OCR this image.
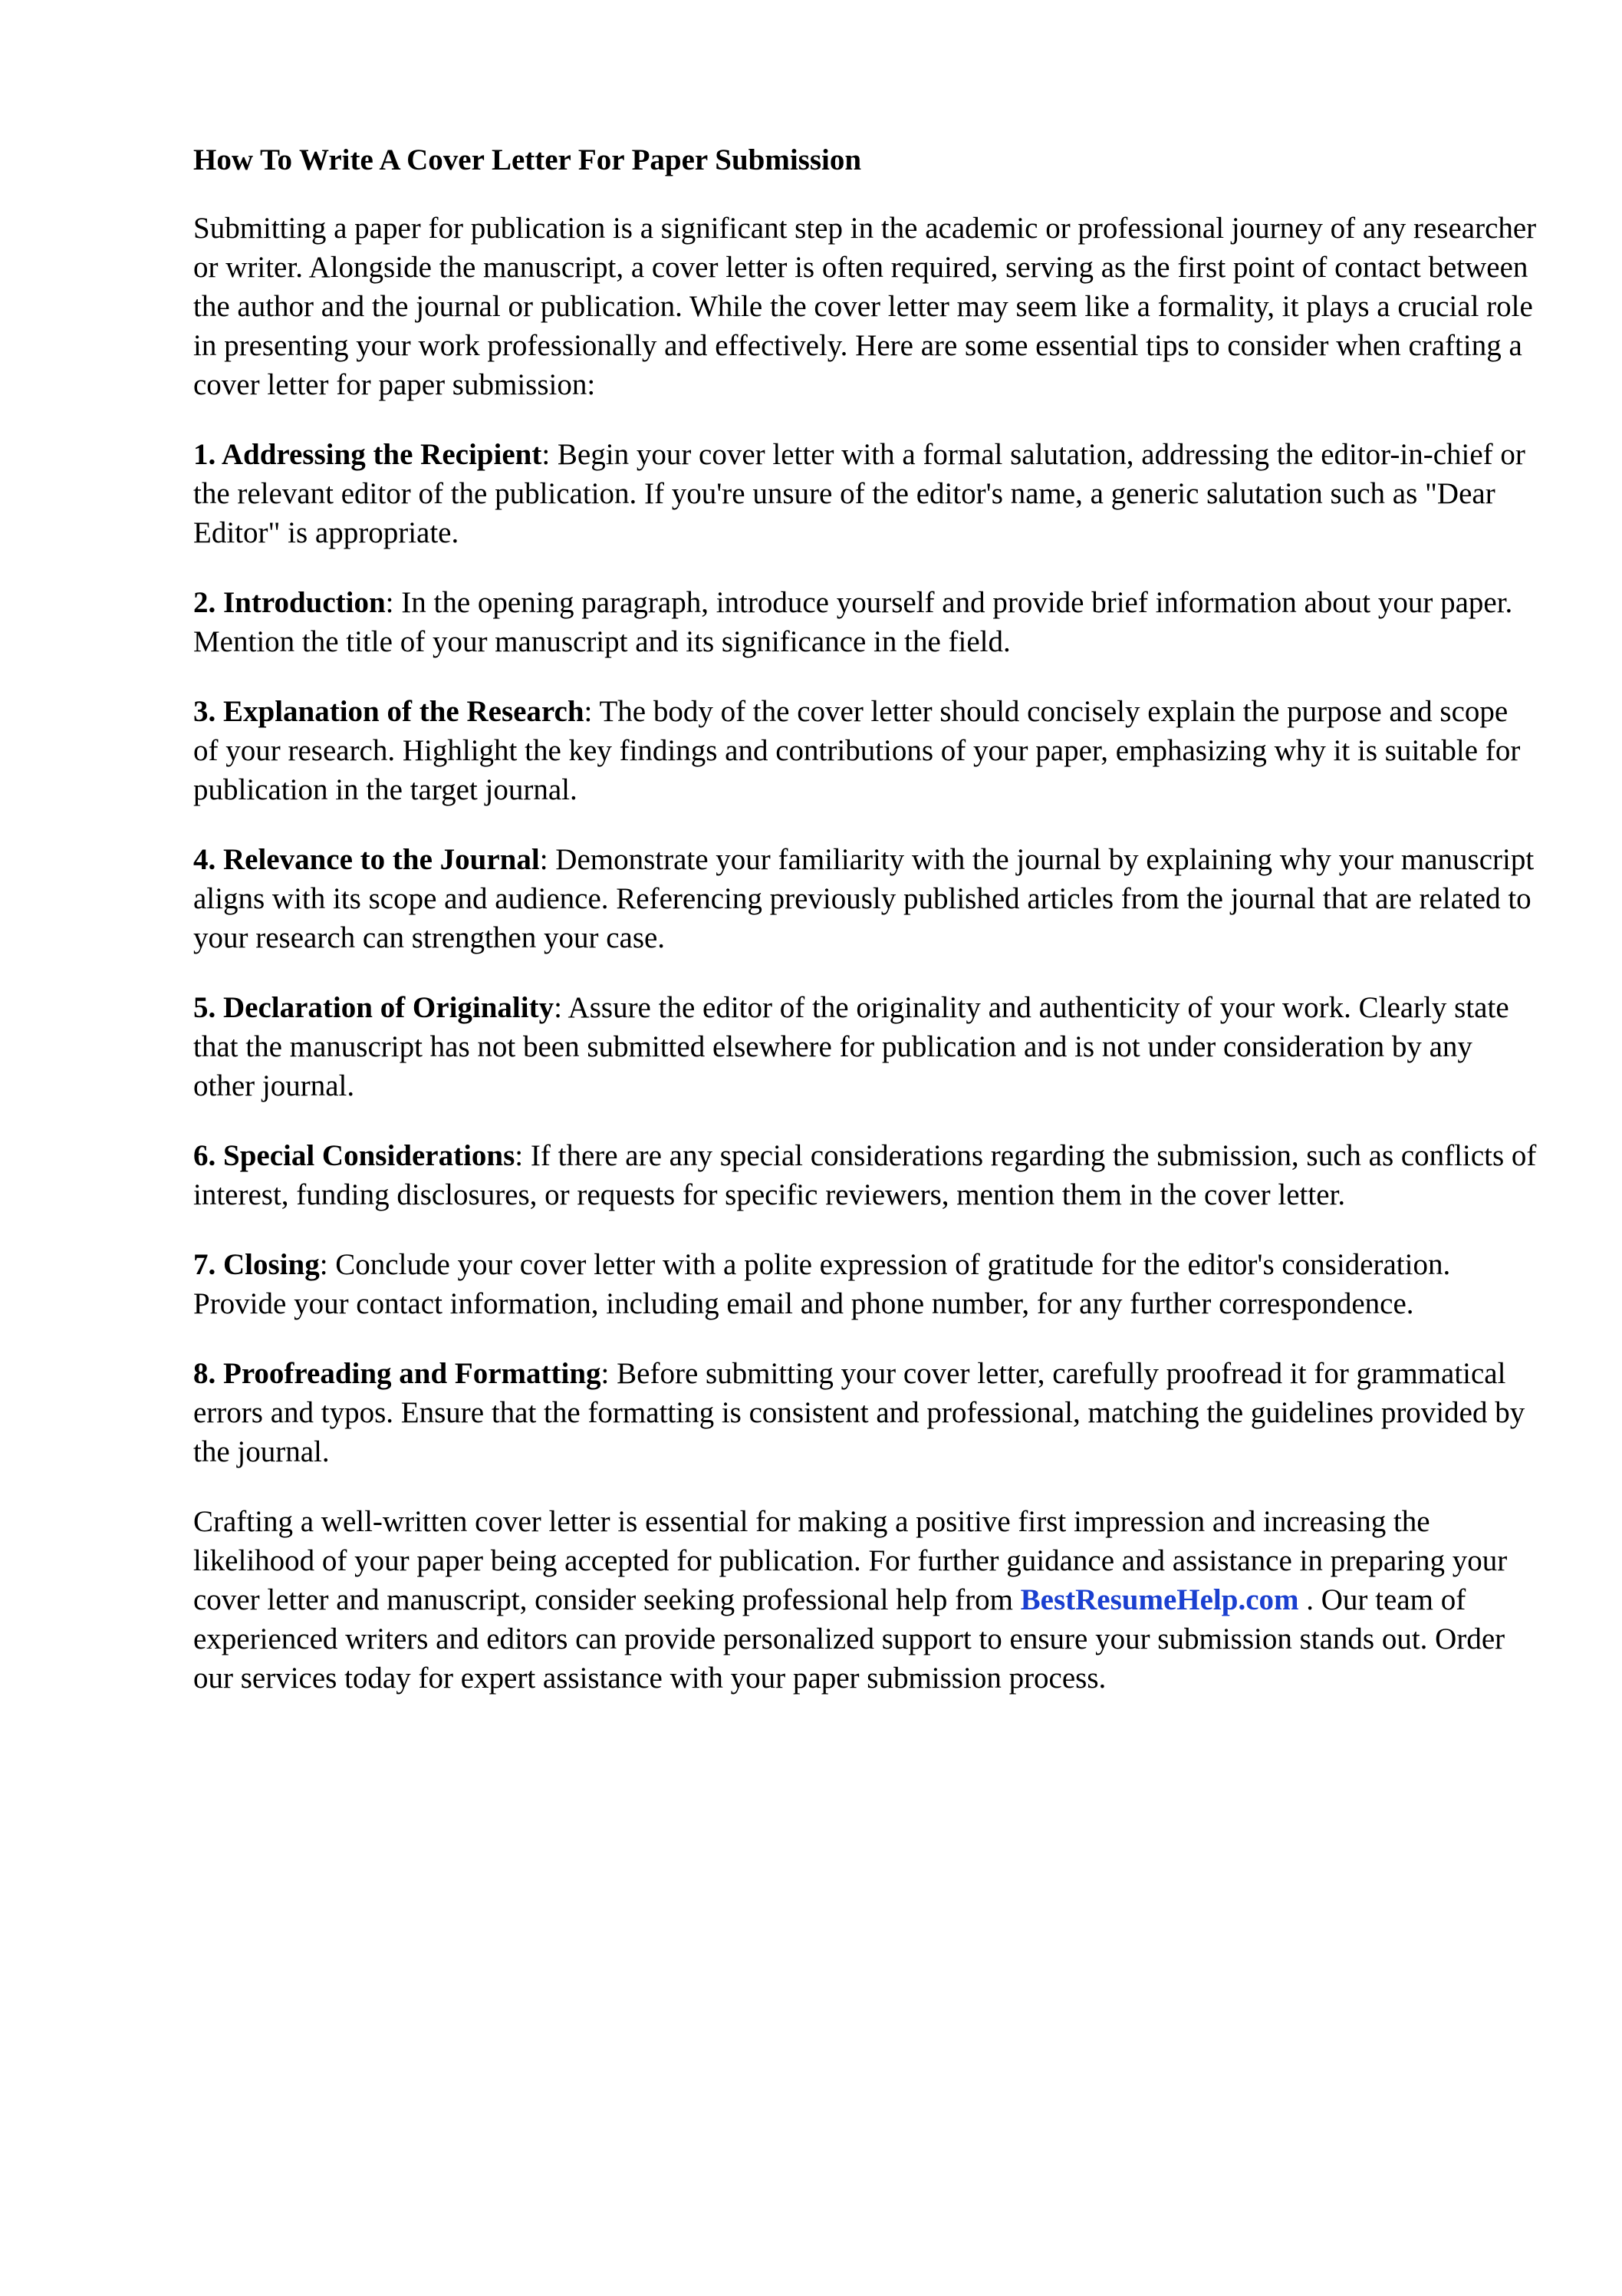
How To Write A Cover Letter For Paper Submission

Submitting a paper for publication is a significant step in the academic or professional journey of any researcher or writer. Alongside the manuscript, a cover letter is often required, serving as the first point of contact between the author and the journal or publication. While the cover letter may seem like a formality, it plays a crucial role in presenting your work professionally and effectively. Here are some essential tips to consider when crafting a cover letter for paper submission:

1. Addressing the Recipient: Begin your cover letter with a formal salutation, addressing the editor-in-chief or the relevant editor of the publication. If you're unsure of the editor's name, a generic salutation such as "Dear Editor" is appropriate.

2. Introduction: In the opening paragraph, introduce yourself and provide brief information about your paper. Mention the title of your manuscript and its significance in the field.

3. Explanation of the Research: The body of the cover letter should concisely explain the purpose and scope of your research. Highlight the key findings and contributions of your paper, emphasizing why it is suitable for publication in the target journal.

4. Relevance to the Journal: Demonstrate your familiarity with the journal by explaining why your manuscript aligns with its scope and audience. Referencing previously published articles from the journal that are related to your research can strengthen your case.

5. Declaration of Originality: Assure the editor of the originality and authenticity of your work. Clearly state that the manuscript has not been submitted elsewhere for publication and is not under consideration by any other journal.

6. Special Considerations: If there are any special considerations regarding the submission, such as conflicts of interest, funding disclosures, or requests for specific reviewers, mention them in the cover letter.

7. Closing: Conclude your cover letter with a polite expression of gratitude for the editor's consideration. Provide your contact information, including email and phone number, for any further correspondence.

8. Proofreading and Formatting: Before submitting your cover letter, carefully proofread it for grammatical errors and typos. Ensure that the formatting is consistent and professional, matching the guidelines provided by the journal.

Crafting a well-written cover letter is essential for making a positive first impression and increasing the likelihood of your paper being accepted for publication. For further guidance and assistance in preparing your cover letter and manuscript, consider seeking professional help from BestResumeHelp.com . Our team of experienced writers and editors can provide personalized support to ensure your submission stands out. Order our services today for expert assistance with your paper submission process.
